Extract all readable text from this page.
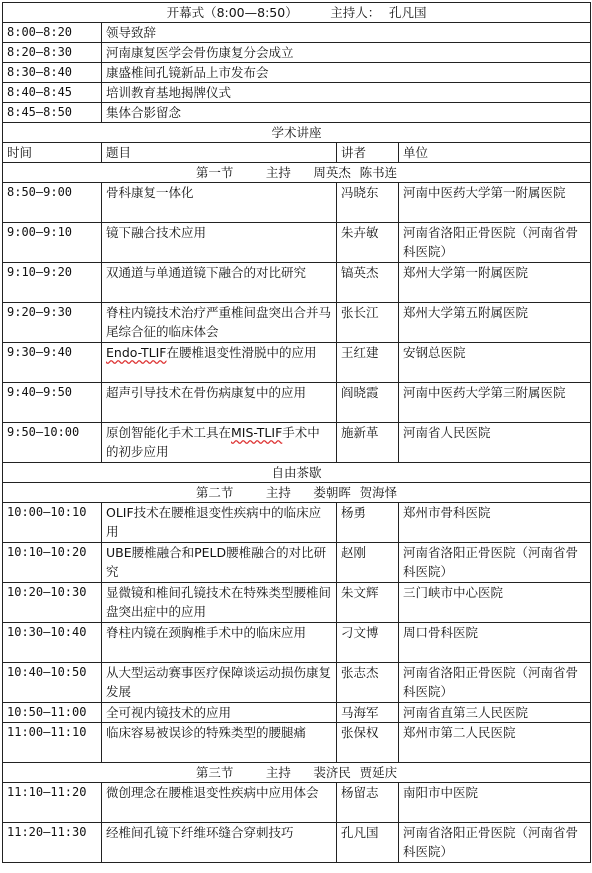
开幕式（8:00—8:50） 主持人： 孔凡国			
8:00—8:20	领导致辞		
8:20—8:30	河南康复医学会骨伤康复分会成立		
8:30—8:40	康盛椎间孔镜新品上市发布会		
8:40—8:45	培训教育基地揭牌仪式		
8:45—8:50	集体合影留念		
学术讲座			
时间	题目	讲者	单位
第一节 主持 周英杰 陈书连			
8:50—9:00	骨科康复一体化	冯晓东	河南中医药大学第一附属医院
9:00—9:10	镜下融合技术应用	朱卉敏	河南省洛阳正骨医院（河南省骨科医院）
9:10—9:20	双通道与单通道镜下融合的对比研究	镐英杰	郑州大学第一附属医院
9:20—9:30	脊柱内镜技术治疗严重椎间盘突出合并马尾综合征的临床体会	张长江	郑州大学第五附属医院
9:30—9:40	Endo-TLIF在腰椎退变性滑脱中的应用	王红建	安钢总医院
9:40—9:50	超声引导技术在骨伤病康复中的应用	阎晓霞	河南中医药大学第三附属医院
9:50—10:00	原创智能化手术工具在MIS-TLIF手术中的初步应用	施新革	河南省人民医院
自由茶歇			
第二节 主持 娄朝晖 贺海怿			
10:00—10:10	OLIF技术在腰椎退变性疾病中的临床应用	杨勇	郑州市骨科医院
10:10—10:20	UBE腰椎融合和PELD腰椎融合的对比研究	赵刚	河南省洛阳正骨医院（河南省骨科医院）
10:20—10:30	显微镜和椎间孔镜技术在特殊类型腰椎间盘突出症中的应用	朱文辉	三门峡市中心医院
10:30—10:40	脊柱内镜在颈胸椎手术中的临床应用	刁文博	周口骨科医院
10:40—10:50	从大型运动赛事医疗保障谈运动损伤康复发展	张志杰	河南省洛阳正骨医院（河南省骨科医院）
10:50—11:00	全可视内镜技术的应用	马海军	河南省直第三人民医院
11:00—11:10	临床容易被误诊的特殊类型的腰腿痛	张保权	郑州市第二人民医院
第三节 主持 裴济民 贾延庆			
11:10—11:20	微创理念在腰椎退变性疾病中应用体会	杨留志	南阳市中医院
11:20—11:30	经椎间孔镜下纤维环缝合穿刺技巧	孔凡国	河南省洛阳正骨医院（河南省骨科医院）
